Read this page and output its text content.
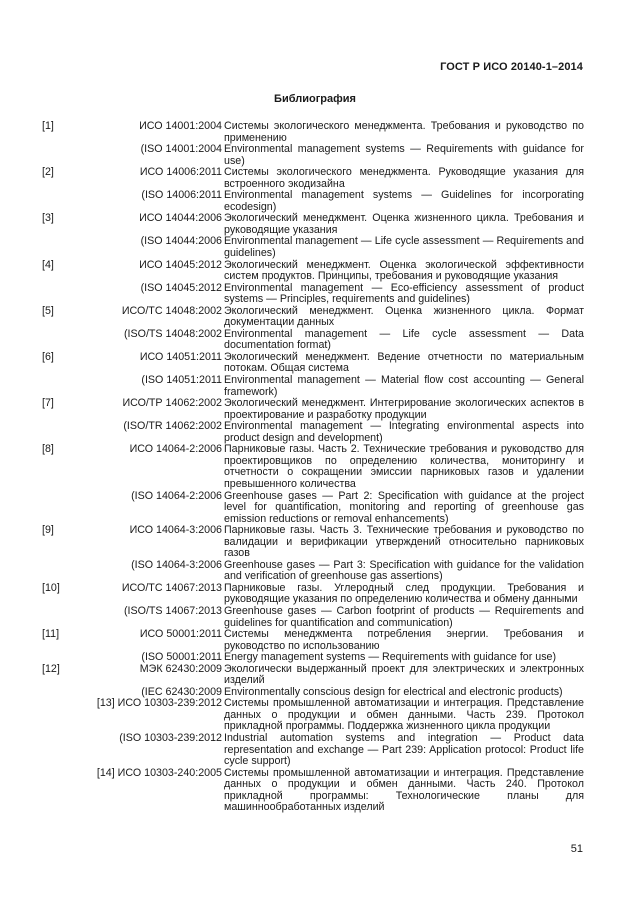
ГОСТ Р ИСО 20140-1–2014
Библиография
[1]	ИСО 14001:2004 Системы экологического менеджмента. Требования и руководство по применению
(ISO 14001:2004 Environmental management systems — Requirements with guidance for use)
[2]	ИСО 14006:2011 Системы экологического менеджмента. Руководящие указания для встроенного экодизайна
(ISO 14006:2011 Environmental management systems — Guidelines for incorporating ecodesign)
[3]	ИСО 14044:2006 Экологический менеджмент. Оценка жизненного цикла. Требования и руководящие указания
(ISO 14044:2006 Environmental management — Life cycle assessment — Requirements and guidelines)
[4]	ИСО 14045:2012 Экологический менеджмент. Оценка экологической эффективности систем продуктов. Принципы, требования и руководящие указания
(ISO 14045:2012 Environmental management — Eco-efficiency assessment of product systems — Principles, requirements and guidelines)
[5]	ИСО/ТС 14048:2002 Экологический менеджмент. Оценка жизненного цикла. Формат документации данных
(ISO/TS 14048:2002 Environmental management — Life cycle assessment — Data documentation format)
[6]	ИСО 14051:2011 Экологический менеджмент. Ведение отчетности по материальным потокам. Общая система
(ISO 14051:2011 Environmental management — Material flow cost accounting — General framework)
[7]	ИСО/ТР 14062:2002 Экологический менеджмент. Интегрирование экологических аспектов в проектирование и разработку продукции
(ISO/TR 14062:2002 Environmental management — Integrating environmental aspects into product design and development)
[8]	ИСО 14064-2:2006 Парниковые газы. Часть 2. Технические требования и руководство для проектировщиков по определению количества, мониторингу и отчетности о сокращении эмиссии парниковых газов и удалении превышенного количества
(ISO 14064-2:2006 Greenhouse gases — Part 2: Specification with guidance at the project level for quantification, monitoring and reporting of greenhouse gas emission reductions or removal enhancements)
[9]	ИСО 14064-3:2006 Парниковые газы. Часть 3. Технические требования и руководство по валидации и верификации утверждений относительно парниковых газов
(ISO 14064-3:2006 Greenhouse gases — Part 3: Specification with guidance for the validation and verification of greenhouse gas assertions)
[10]	ИСО/ТС 14067:2013 Парниковые газы. Углеродный след продукции. Требования и руководящие указания по определению количества и обмену данными
(ISO/TS 14067:2013 Greenhouse gases — Carbon footprint of products — Requirements and guidelines for quantification and communication)
[11]	ИСО 50001:2011 Системы менеджмента потребления энергии. Требования и руководство по использованию
(ISO 50001:2011 Energy management systems — Requirements with guidance for use)
[12]	МЭК 62430:2009 Экологически выдержанный проект для электрических и электронных изделий
(IEC 62430:2009 Environmentally conscious design for electrical and electronic products)
[13] ИСО 10303-239:2012 Системы промышленной автоматизации и интеграция. Представление данных о продукции и обмен данными. Часть 239. Протокол прикладной программы. Поддержка жизненного цикла продукции
(ISO 10303-239:2012 Industrial automation systems and integration — Product data representation and exchange — Part 239: Application protocol: Product life cycle support)
[14] ИСО 10303-240:2005 Системы промышленной автоматизации и интеграция. Представление данных о продукции и обмен данными. Часть 240. Протокол прикладной программы: Технологические планы для машинноoбработанных изделий
51
